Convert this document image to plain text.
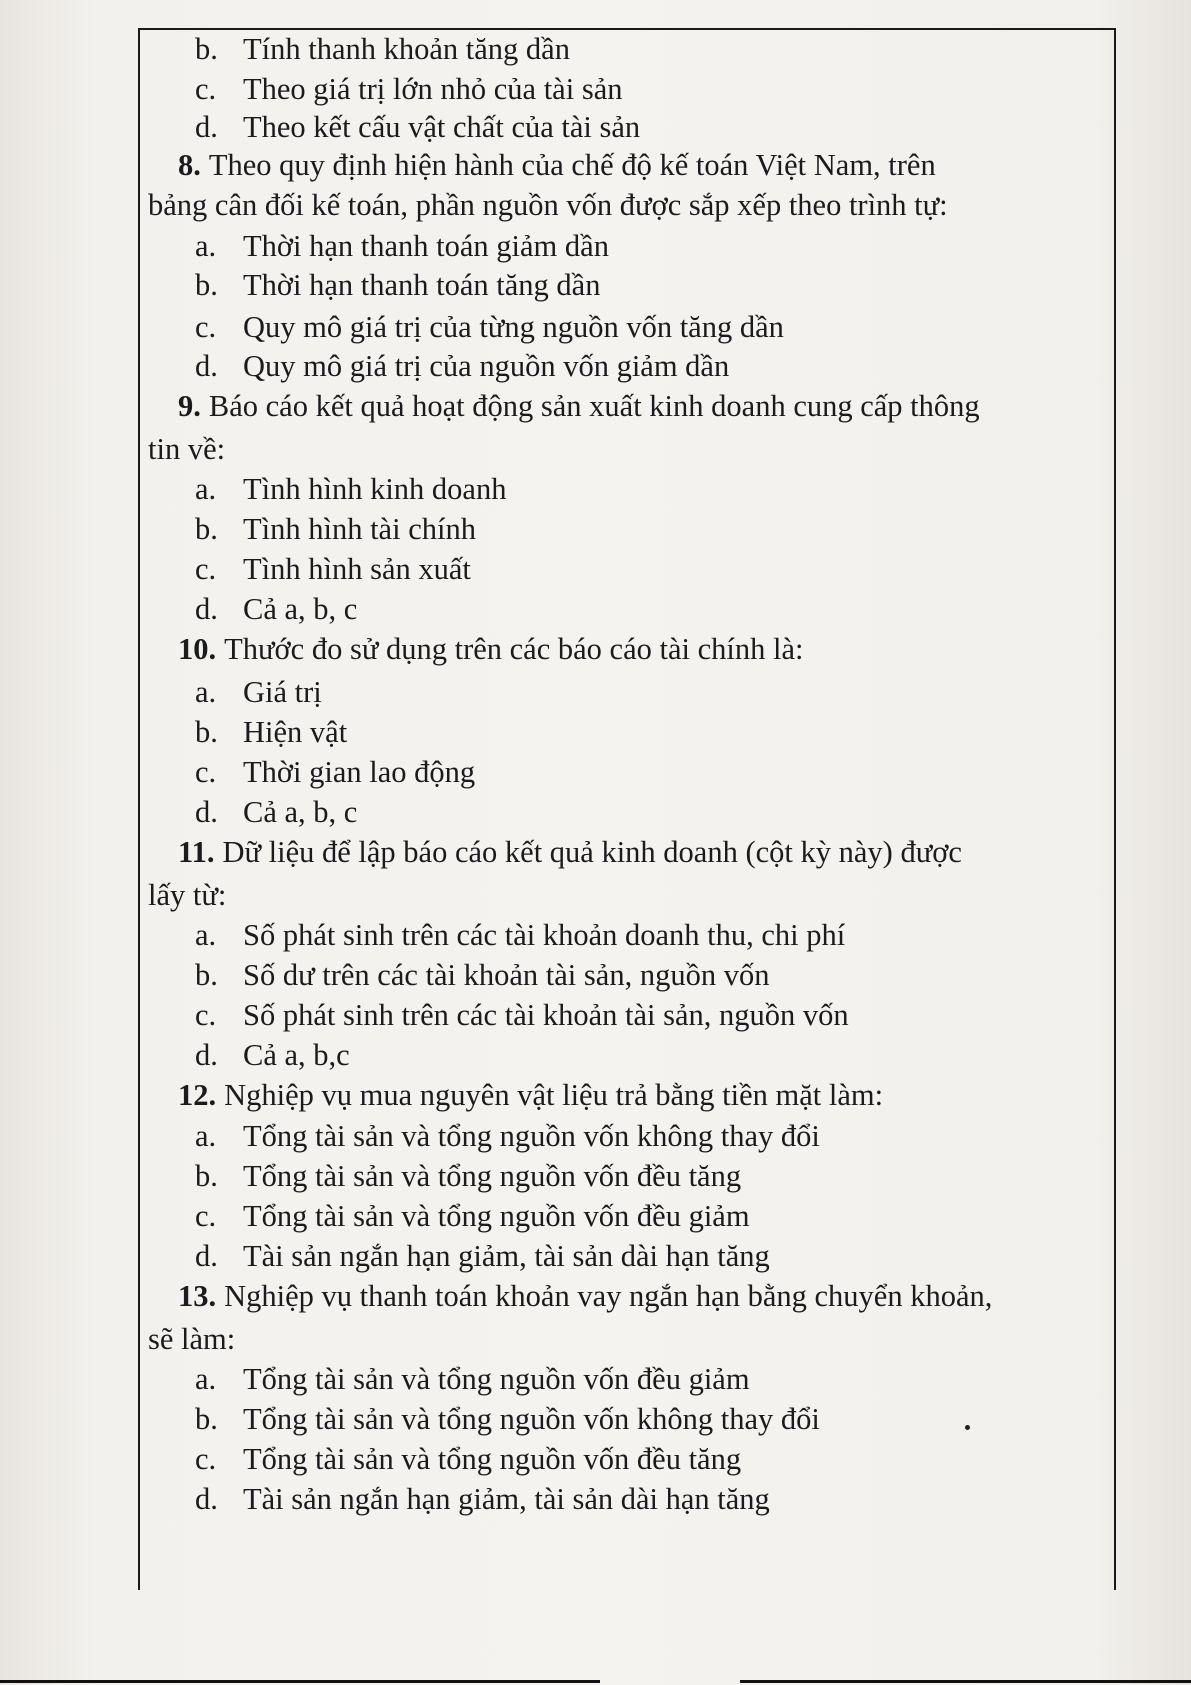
b. Tính thanh khoản tăng dần
c. Theo giá trị lớn nhỏ của tài sản
d. Theo kết cấu vật chất của tài sản
8. Theo quy định hiện hành của chế độ kế toán Việt Nam, trên
bảng cân đối kế toán, phần nguồn vốn được sắp xếp theo trình tự:
a. Thời hạn thanh toán giảm dần
b. Thời hạn thanh toán tăng dần
c. Quy mô giá trị của từng nguồn vốn tăng dần
d. Quy mô giá trị của nguồn vốn giảm dần
9. Báo cáo kết quả hoạt động sản xuất kinh doanh cung cấp thông
tin về:
a. Tình hình kinh doanh
b. Tình hình tài chính
c. Tình hình sản xuất
d. Cả a, b, c
10. Thước đo sử dụng trên các báo cáo tài chính là:
a. Giá trị
b. Hiện vật
c. Thời gian lao động
d. Cả a, b, c
11. Dữ liệu để lập báo cáo kết quả kinh doanh (cột kỳ này) được
lấy từ:
a. Số phát sinh trên các tài khoản doanh thu, chi phí
b. Số dư trên các tài khoản tài sản, nguồn vốn
c. Số phát sinh trên các tài khoản tài sản, nguồn vốn
d. Cả a, b,c
12. Nghiệp vụ mua nguyên vật liệu trả bằng tiền mặt làm:
a. Tổng tài sản và tổng nguồn vốn không thay đổi
b. Tổng tài sản và tổng nguồn vốn đều tăng
c. Tổng tài sản và tổng nguồn vốn đều giảm
d. Tài sản ngắn hạn giảm, tài sản dài hạn tăng
13. Nghiệp vụ thanh toán khoản vay ngắn hạn bằng chuyển khoản,
sẽ làm:
a. Tổng tài sản và tổng nguồn vốn đều giảm
b. Tổng tài sản và tổng nguồn vốn không thay đổi
c. Tổng tài sản và tổng nguồn vốn đều tăng
d. Tài sản ngắn hạn giảm, tài sản dài hạn tăng
